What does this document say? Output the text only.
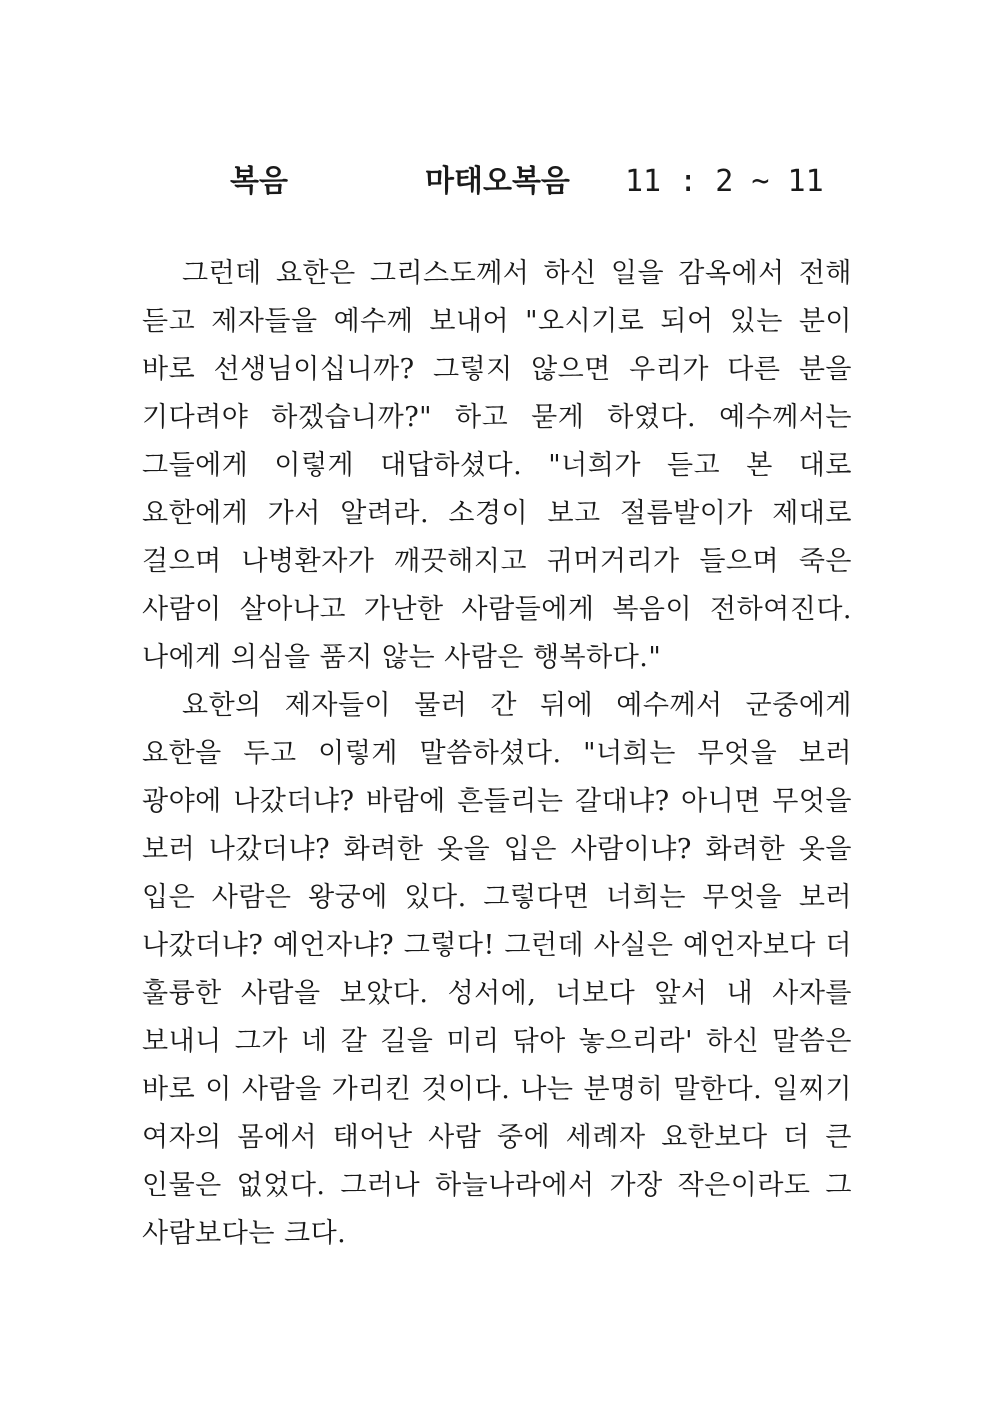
복음	마태오복음 11 : 2 ~ 11

그런데 요한은 그리스도께서 하신 일을 감옥에서 전해 듣고 제자들을 예수께 보내어 "오시기로 되어 있는 분이 바로 선생님이십니까? 그렇지 않으면 우리가 다른 분을 기다려야 하겠습니까?" 하고 묻게 하였다. 예수께서는 그들에게 이렇게 대답하셨다. "너희가 듣고 본 대로 요한에게 가서 알려라. 소경이 보고 절름발이가 제대로 걸으며 나병환자가 깨끗해지고 귀머거리가 들으며 죽은 사람이 살아나고 가난한 사람들에게 복음이 전하여진다. 나에게 의심을 품지 않는 사람은 행복하다."

요한의 제자들이 물러 간 뒤에 예수께서 군중에게 요한을 두고 이렇게 말씀하셨다. "너희는 무엇을 보러 광야에 나갔더냐? 바람에 흔들리는 갈대냐? 아니면 무엇을 보러 나갔더냐? 화려한 옷을 입은 사람이냐? 화려한 옷을 입은 사람은 왕궁에 있다. 그렇다면 너희는 무엇을 보러 나갔더냐? 예언자냐? 그렇다! 그런데 사실은 예언자보다 더 훌륭한 사람을 보았다. 성서에, 너보다 앞서 내 사자를 보내니 그가 네 갈 길을 미리 닦아 놓으리라' 하신 말씀은 바로 이 사람을 가리킨 것이다. 나는 분명히 말한다. 일찌기 여자의 몸에서 태어난 사람 중에 세례자 요한보다 더 큰 인물은 없었다. 그러나 하늘나라에서 가장 작은이라도 그 사람보다는 크다.
